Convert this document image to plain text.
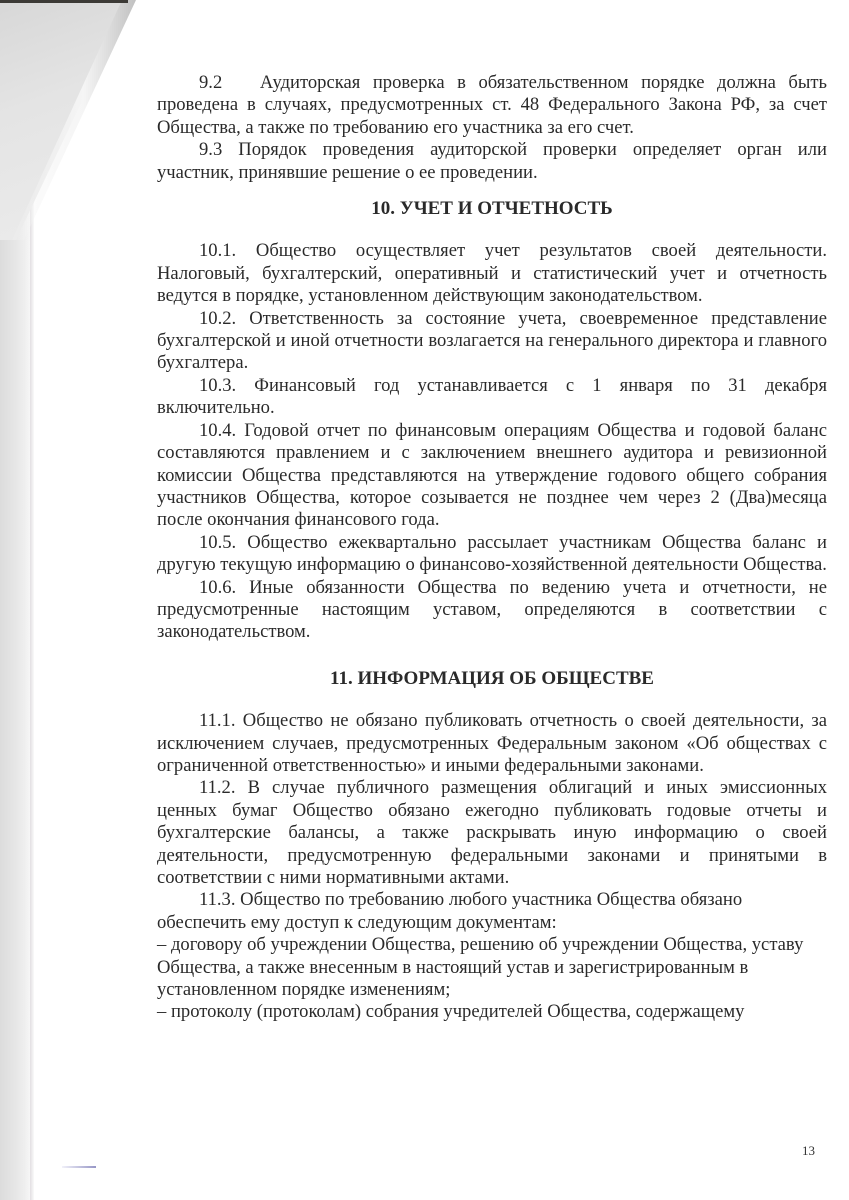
9.2   Аудиторская проверка в обязательственном порядке должна быть проведена в случаях, предусмотренных ст. 48 Федерального Закона РФ, за счет Общества, а также по требованию его участника за его счет.

9.3 Порядок проведения аудиторской проверки определяет орган или участник, принявшие решение о ее проведении.

10. УЧЕТ И ОТЧЕТНОСТЬ

10.1. Общество осуществляет учет результатов своей деятельности. Налоговый, бухгалтерский, оперативный и статистический учет и отчетность ведутся в порядке, установленном действующим законодательством.

10.2. Ответственность за состояние учета, своевременное представление бухгалтерской и иной отчетности возлагается на генерального директора и главного бухгалтера.

10.3. Финансовый год устанавливается с 1 января по 31 декабря включительно.

10.4. Годовой отчет по финансовым операциям Общества и годовой баланс составляются правлением и с заключением внешнего аудитора и ревизионной комиссии Общества представляются на утверждение годового общего собрания участников Общества, которое созывается не позднее чем через 2 (Два)месяца после окончания финансового года.

10.5. Общество ежеквартально рассылает участникам Общества баланс и другую текущую информацию о финансово-хозяйственной деятельности Общества.

10.6. Иные обязанности Общества по ведению учета и отчетности, не предусмотренные настоящим уставом, определяются в соответствии с законодательством.

11. ИНФОРМАЦИЯ ОБ ОБЩЕСТВЕ

11.1. Общество не обязано публиковать отчетность о своей деятельности, за исключением случаев, предусмотренных Федеральным законом «Об обществах с ограниченной ответственностью» и иными федеральными законами.

11.2. В случае публичного размещения облигаций и иных эмиссионных ценных бумаг Общество обязано ежегодно публиковать годовые отчеты и бухгалтерские балансы, а также раскрывать иную информацию о своей деятельности, предусмотренную федеральными законами и принятыми в соответствии с ними нормативными актами.

11.3. Общество по требованию любого участника Общества обязано обеспечить ему доступ к следующим документам:

– договору об учреждении Общества, решению об учреждении Общества, уставу Общества, а также внесенным в настоящий устав и зарегистрированным в установленном порядке изменениям;

– протоколу (протоколам) собрания учредителей Общества, содержащему

13
